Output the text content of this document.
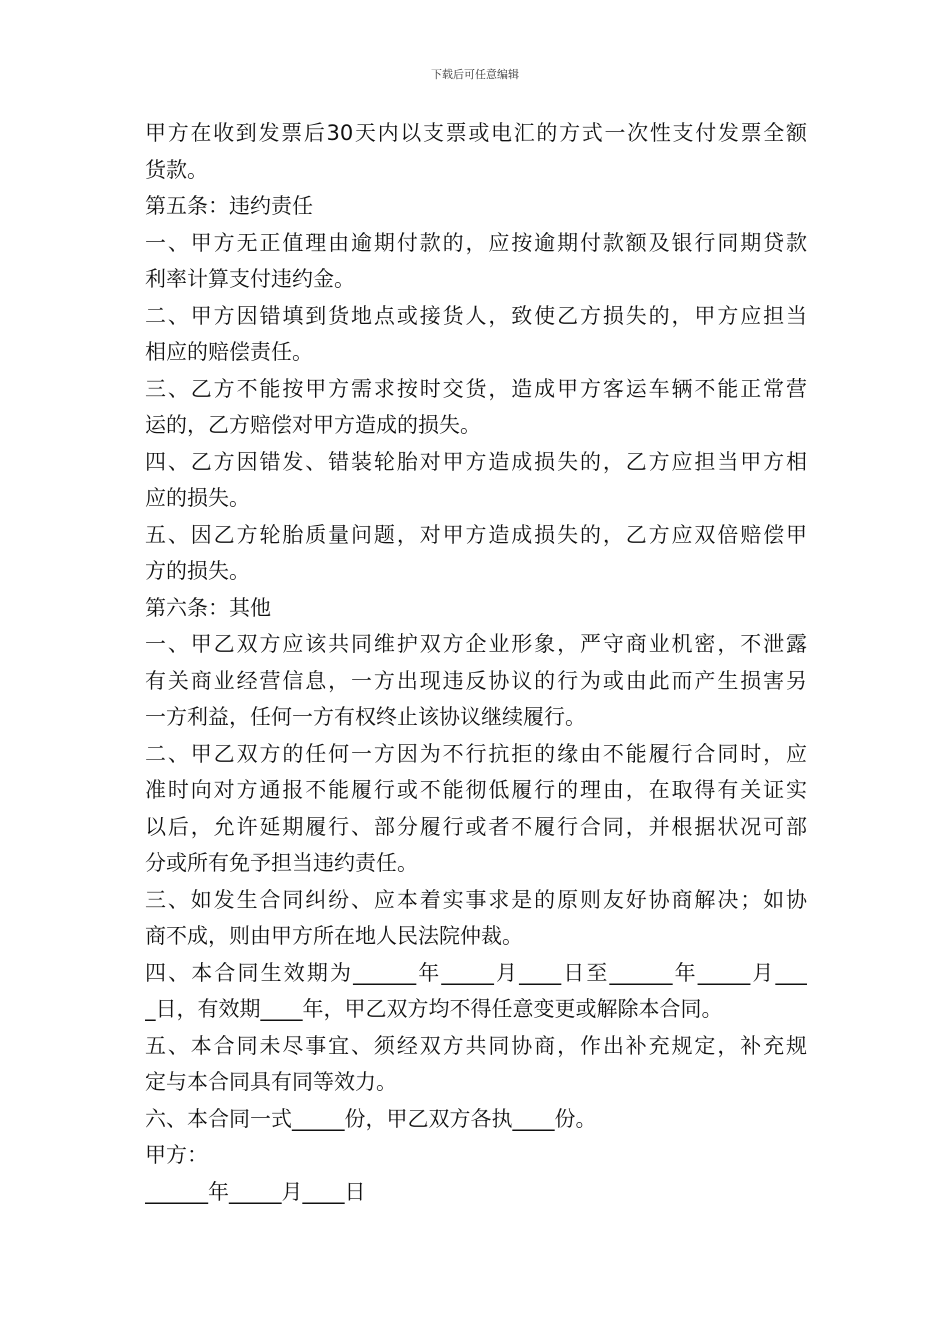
下载后可任意编辑
甲方在收到发票后30天内以支票或电汇的方式一次性支付发票全额
货款。
第五条：违约责任
一、甲方无正值理由逾期付款的，应按逾期付款额及银行同期贷款
利率计算支付违约金。
二、甲方因错填到货地点或接货人，致使乙方损失的，甲方应担当
相应的赔偿责任。
三、乙方不能按甲方需求按时交货，造成甲方客运车辆不能正常营
运的，乙方赔偿对甲方造成的损失。
四、乙方因错发、错装轮胎对甲方造成损失的，乙方应担当甲方相
应的损失。
五、因乙方轮胎质量问题，对甲方造成损失的，乙方应双倍赔偿甲
方的损失。
第六条：其他
一、甲乙双方应该共同维护双方企业形象，严守商业机密，不泄露
有关商业经营信息，一方出现违反协议的行为或由此而产生损害另
一方利益，任何一方有权终止该协议继续履行。
二、甲乙双方的任何一方因为不行抗拒的缘由不能履行合同时，应
准时向对方通报不能履行或不能彻低履行的理由，在取得有关证实
以后，允许延期履行、部分履行或者不履行合同，并根据状况可部
分或所有免予担当违约责任。
三、如发生合同纠纷、应本着实事求是的原则友好协商解决；如协
商不成，则由甲方所在地人民法院仲裁。
四、本合同生效期为______年_____月____日至______年_____月___
_日，有效期____年，甲乙双方均不得任意变更或解除本合同。
五、本合同未尽事宜、须经双方共同协商，作出补充规定，补充规
定与本合同具有同等效力。
六、本合同一式_____份，甲乙双方各执____份。
甲方：
______年_____月____日
